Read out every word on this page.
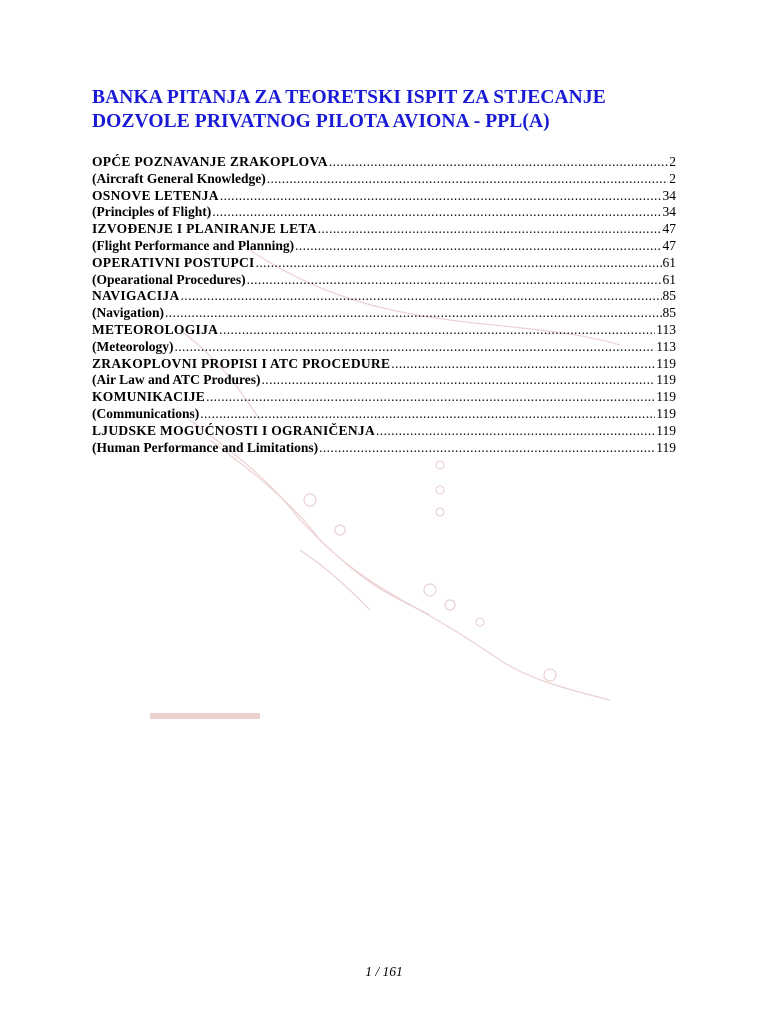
BANKA PITANJA ZA TEORETSKI ISPIT ZA STJECANJE
DOZVOLE PRIVATNOG PILOTA AVIONA - PPL(A)
OPĆE POZNAVANJE ZRAKOPLOVA .....	2
(Aircraft General Knowledge) .....	2
OSNOVE LETENJA .....	34
(Principles of Flight) .....	34
IZVOĐENJE I PLANIRANJE LETA .....	47
(Flight Performance and Planning) .....	47
OPERATIVNI POSTUPCI .....	61
(Opearational Procedures) .....	61
NAVIGACIJA .....	85
(Navigation) .....	85
METEOROLOGIJA .....	113
(Meteorology) .....	113
ZRAKOPLOVNI PROPISI I ATC PROCEDURE .....	119
(Air Law and ATC Produres) .....	119
KOMUNIKACIJE .....	119
(Communications) .....	119
LJUDSKE MOGUĆNOSTI I OGRANIČENJA .....	119
(Human Performance and Limitations) .....	119
1 / 161
